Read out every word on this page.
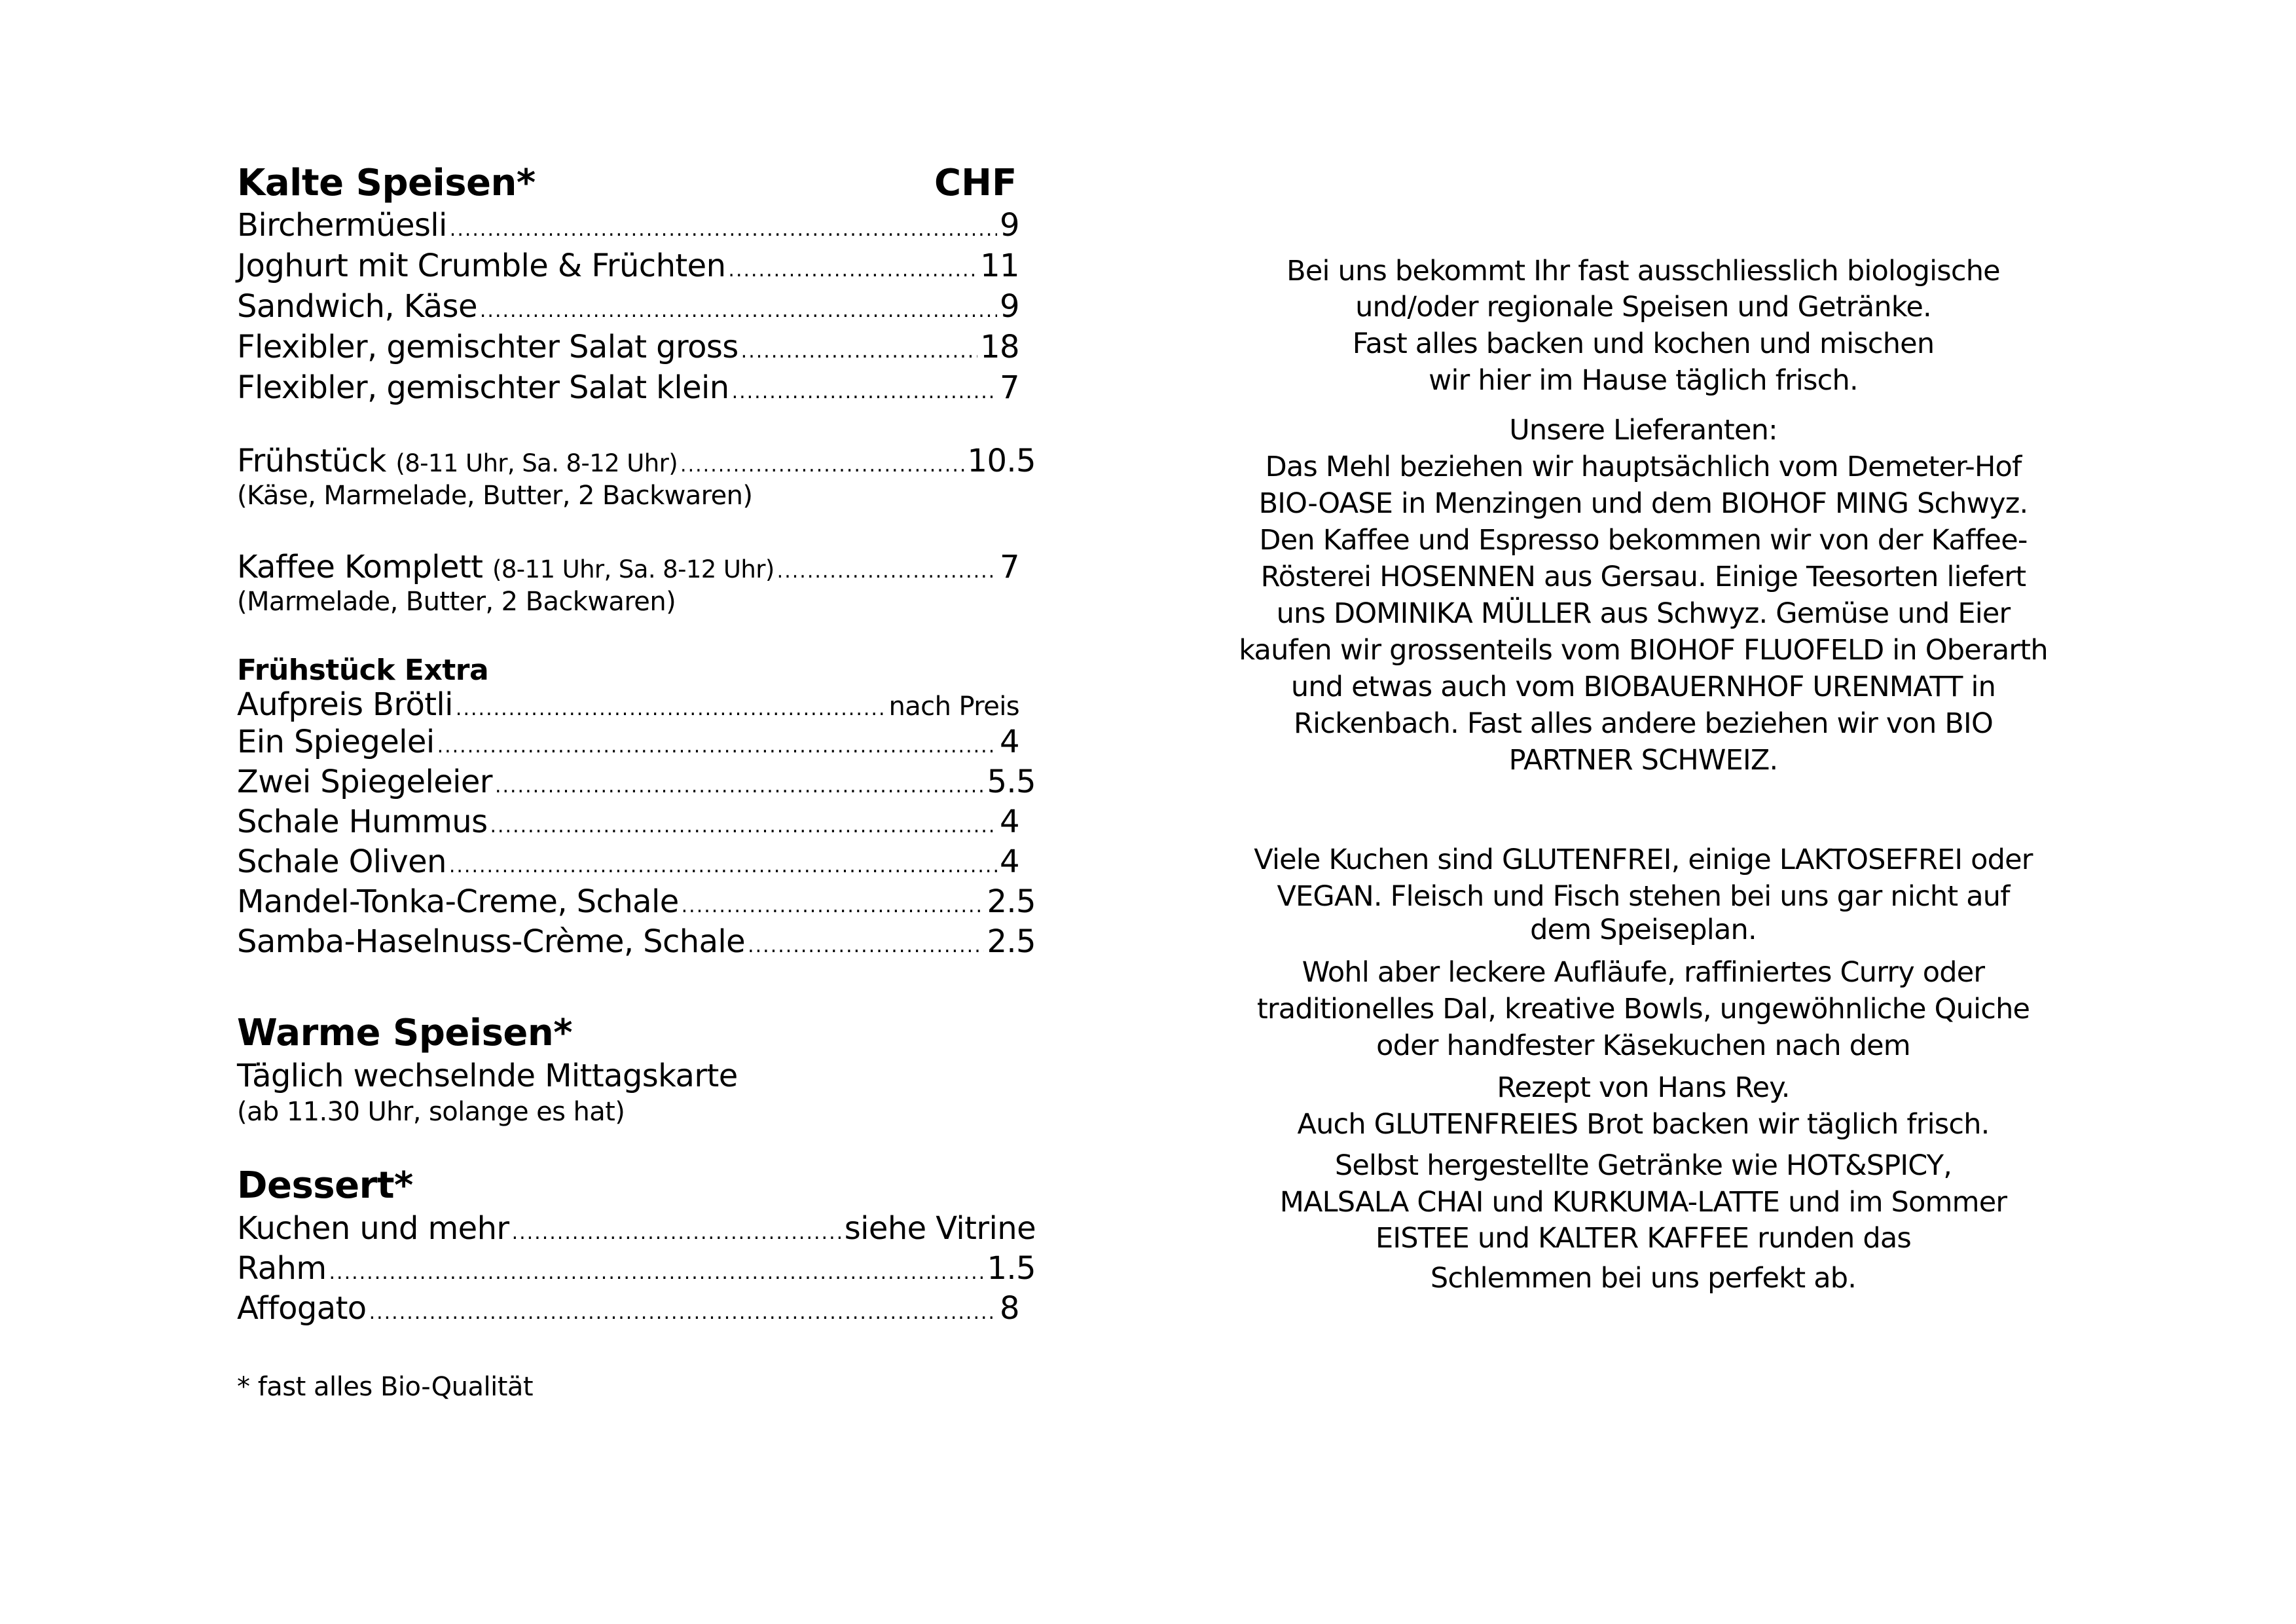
Kalte Speisen*	CHF
Birchermüesli .....	9
Joghurt mit Crumble & Früchten .....	11
Sandwich, Käse .....	9
Flexibler, gemischter Salat gross .....	18
Flexibler, gemischter Salat klein .....	7
Frühstück (8-11 Uhr, Sa. 8-12 Uhr) .....	10.5
(Käse, Marmelade, Butter, 2 Backwaren)
Kaffee Komplett (8-11 Uhr, Sa. 8-12 Uhr) .....	7
(Marmelade, Butter, 2 Backwaren)
Frühstück Extra
Aufpreis Brötli .....	nach Preis
Ein Spiegelei .....	4
Zwei Spiegeleier .....	5.5
Schale Hummus .....	4
Schale Oliven .....	4
Mandel-Tonka-Creme, Schale .....	2.5
Samba-Haselnuss-Crème, Schale .....	2.5
Warme Speisen*
Täglich wechselnde Mittagskarte
(ab 11.30 Uhr, solange es hat)
Dessert*
Kuchen und mehr .....	siehe Vitrine
Rahm .....	1.5
Affogato .....	8
* fast alles Bio-Qualität
Bei uns bekommt Ihr fast ausschliesslich biologische
und/oder regionale Speisen und Getränke.
Fast alles backen und kochen und mischen
wir hier im Hause täglich frisch.
Unsere Lieferanten:
Das Mehl beziehen wir hauptsächlich vom Demeter-Hof
BIO-OASE in Menzingen und dem BIOHOF MING Schwyz.
Den Kaffee und Espresso bekommen wir von der Kaffee-
Rösterei HOSENNEN aus Gersau. Einige Teesorten liefert
uns DOMINIKA MÜLLER aus Schwyz. Gemüse und Eier
kaufen wir grossenteils vom BIOHOF FLUOFELD in Oberarth
und etwas auch vom BIOBAUERNHOF URENMATT in
Rickenbach. Fast alles andere beziehen wir von BIO
PARTNER SCHWEIZ.
Viele Kuchen sind GLUTENFREI, einige LAKTOSEFREI oder
VEGAN. Fleisch und Fisch stehen bei uns gar nicht auf
dem Speiseplan.
Wohl aber leckere Aufläufe, raffiniertes Curry oder
traditionelles Dal, kreative Bowls, ungewöhnliche Quiche
oder handfester Käsekuchen nach dem
Rezept von Hans Rey.
Auch GLUTENFREIES Brot backen wir täglich frisch.
Selbst hergestellte Getränke wie HOT&SPICY,
MALSALA CHAI und KURKUMA-LATTE und im Sommer
EISTEE und KALTER KAFFEE runden das
Schlemmen bei uns perfekt ab.
